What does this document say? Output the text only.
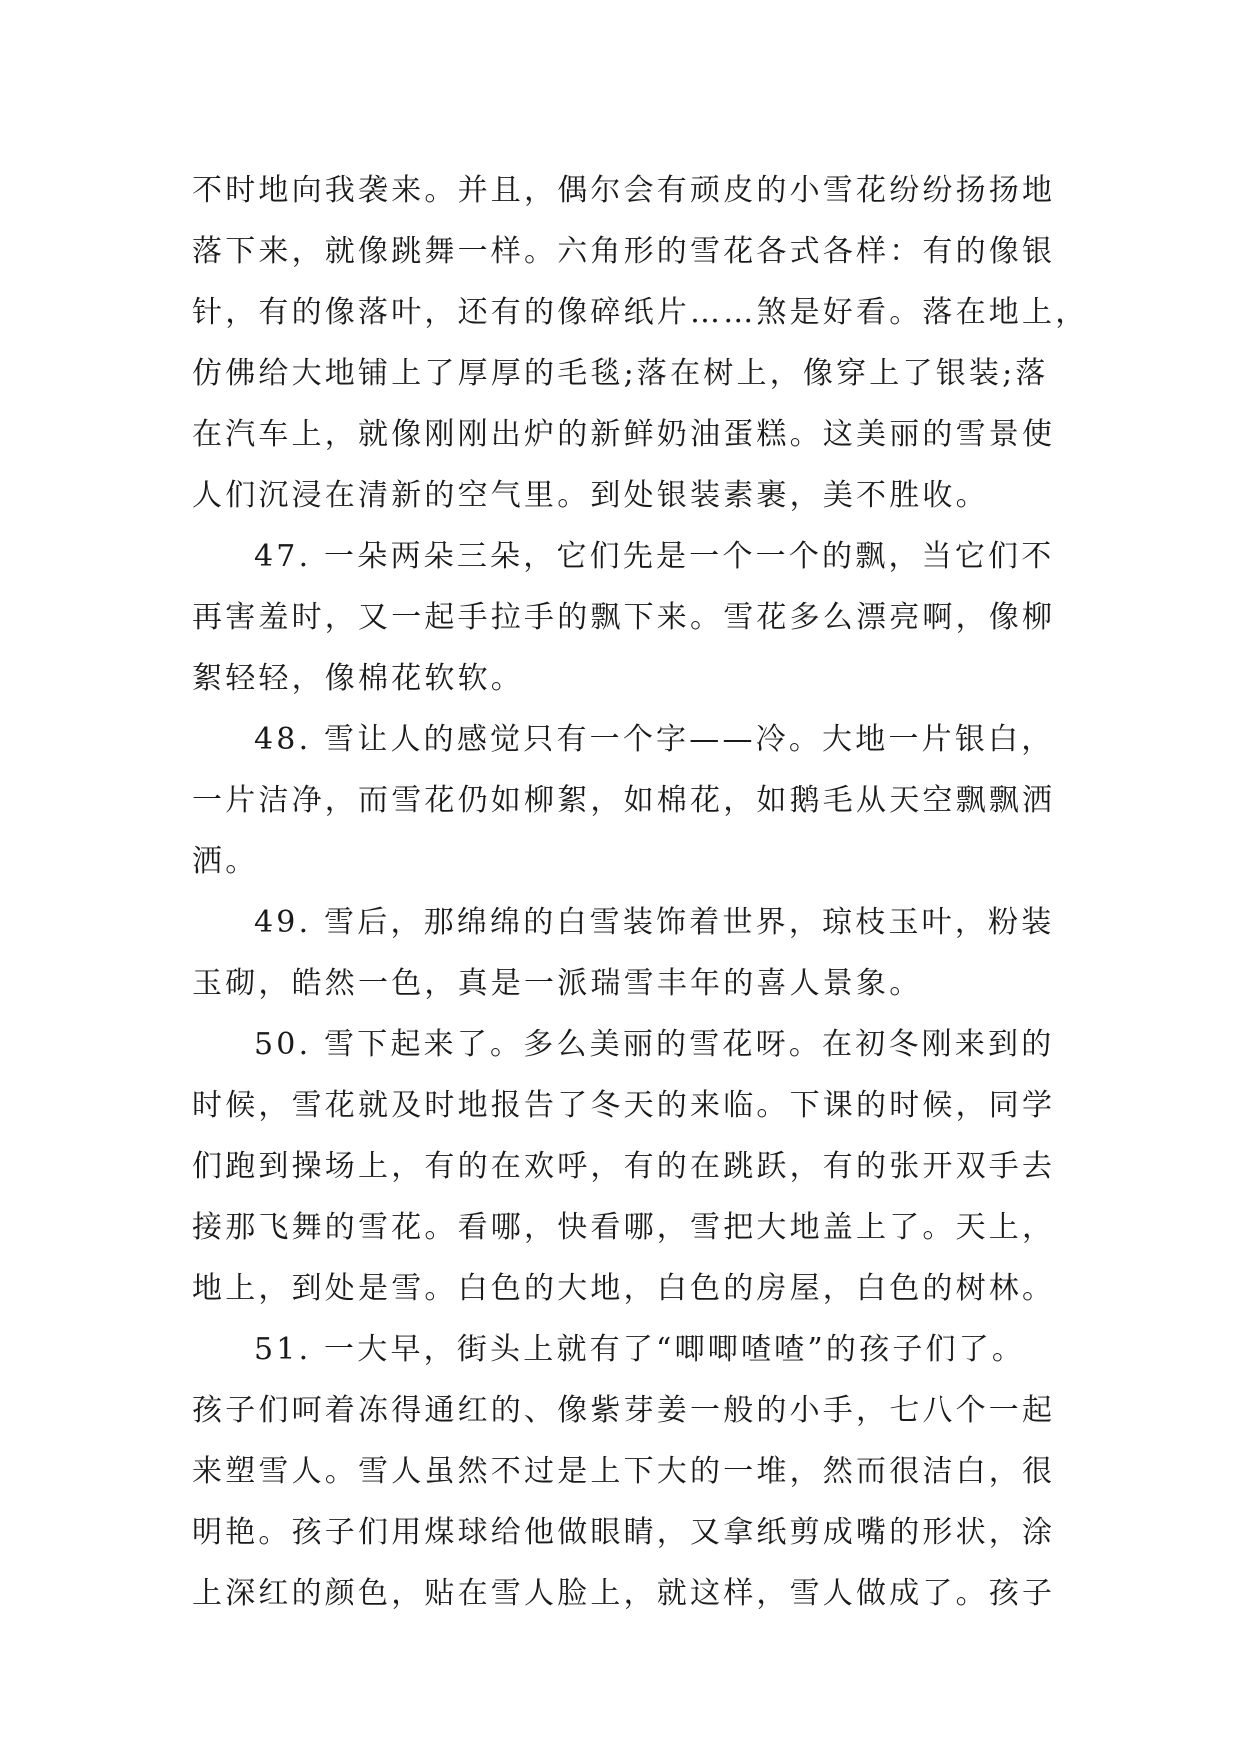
不时地向我袭来。并且，偶尔会有顽皮的小雪花纷纷扬扬地
落下来，就像跳舞一样。六角形的雪花各式各样：有的像银
针，有的像落叶，还有的像碎纸片……煞是好看。落在地上，
仿佛给大地铺上了厚厚的毛毯;落在树上，像穿上了银装;落
在汽车上，就像刚刚出炉的新鲜奶油蛋糕。这美丽的雪景使
人们沉浸在清新的空气里。到处银装素裹，美不胜收。
47. 一朵两朵三朵，它们先是一个一个的飘，当它们不
再害羞时，又一起手拉手的飘下来。雪花多么漂亮啊，像柳
絮轻轻，像棉花软软。
48. 雪让人的感觉只有一个字——冷。大地一片银白，
一片洁净，而雪花仍如柳絮，如棉花，如鹅毛从天空飘飘洒
洒。
49. 雪后，那绵绵的白雪装饰着世界，琼枝玉叶，粉装
玉砌，皓然一色，真是一派瑞雪丰年的喜人景象。
50. 雪下起来了。多么美丽的雪花呀。在初冬刚来到的
时候，雪花就及时地报告了冬天的来临。下课的时候，同学
们跑到操场上，有的在欢呼，有的在跳跃，有的张开双手去
接那飞舞的雪花。看哪，快看哪，雪把大地盖上了。天上，
地上，到处是雪。白色的大地，白色的房屋，白色的树林。
51. 一大早，街头上就有了“唧唧喳喳”的孩子们了。
孩子们呵着冻得通红的、像紫芽姜一般的小手，七八个一起
来塑雪人。雪人虽然不过是上下大的一堆，然而很洁白，很
明艳。孩子们用煤球给他做眼睛，又拿纸剪成嘴的形状，涂
上深红的颜色，贴在雪人脸上，就这样，雪人做成了。孩子
